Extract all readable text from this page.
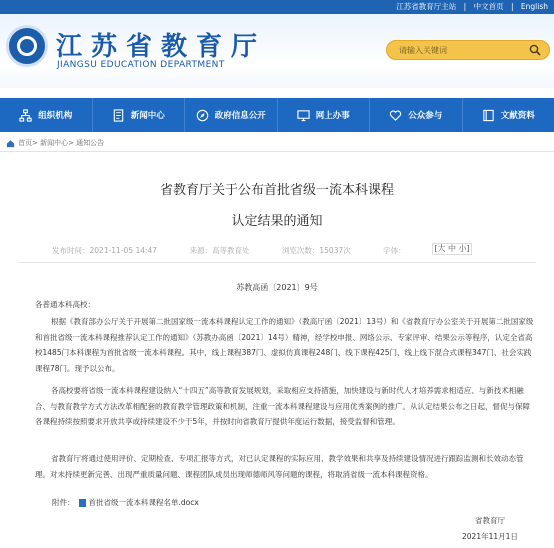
江苏省教育厅主站 | 中文首页 | English
江苏省教育厅
JIANGSU EDUCATION DEPARTMENT
请输入关键词
组织机构	新闻中心	政府信息公开	网上办事	公众参与	文献资料
首页> 新闻中心> 通知公告
省教育厅关于公布首批省级一流本科课程
认定结果的通知
发布时间：2021-11-05 14:47	来源：高等教育处	浏览次数：15037次	字体：	[大 中 小]
苏教高函〔2021〕9号
各普通本科高校：
根据《教育部办公厅关于开展第二批国家级一流本科课程认定工作的通知》（教高厅函〔2021〕13号）和《省教育厅办公室关于开展第二批国家级和首批省级一流本科课程推荐认定工作的通知》（苏教办高函〔2021〕14号）精神，经学校申报、网络公示、专家评审、结果公示等程序，认定全省高校1485门本科课程为首批省级一流本科课程。其中，线上课程387门、虚拟仿真课程248门、线下课程425门、线上线下混合式课程347门、社会实践课程78门。现予以公布。
各高校要将省级一流本科课程建设纳入“十四五”高等教育发展规划，采取相应支持措施，加快建设与新时代人才培养需求相适应、与新技术相融合、与教育教学方式方法改革相配套的教育教学管理政策和机制，注重一流本科课程建设与应用优秀案例的推广。从认定结果公布之日起，督促与保障各课程持续按照要求开放共享或持续建设不少于5年，并按时向省教育厅提供年度运行数据，接受监督和管理。
省教育厅将通过使用评价、定期检查、专项汇报等方式，对已认定课程的实际应用、教学效果和共享及持续建设情况进行跟踪监测和长效动态管理。对未持续更新完善、出现严重质量问题、课程团队成员出现师德师风等问题的课程，将取消省级一流本科课程资格。
附件： 首批省级一流本科课程名单.docx
省教育厅
2021年11月1日
